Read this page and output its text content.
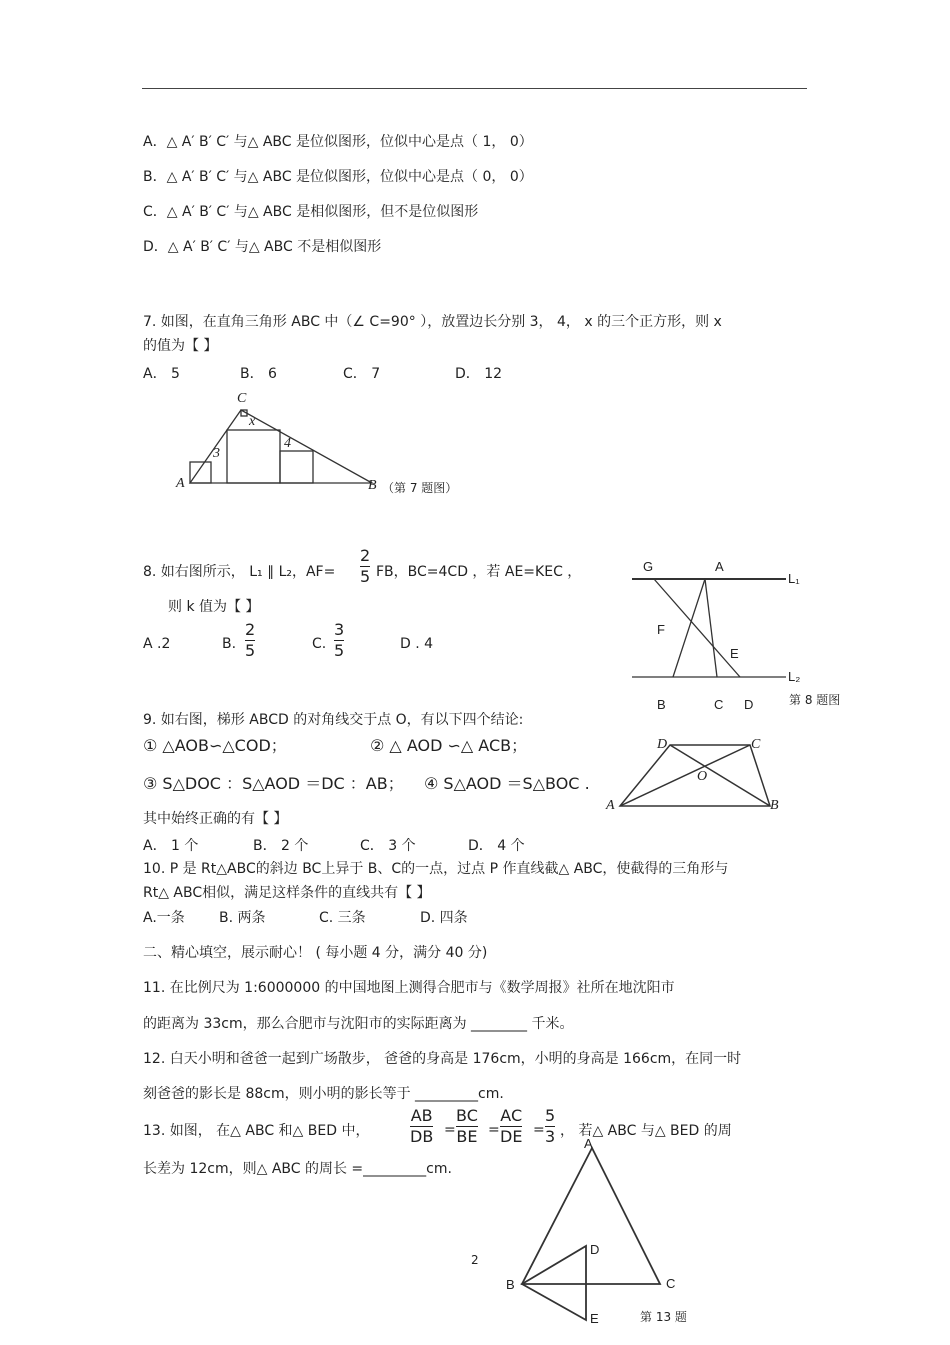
A．△ A′ B′ C′ 与△ ABC 是位似图形，位似中心是点（ 1， 0）
B．△ A′ B′ C′ 与△ ABC 是位似图形，位似中心是点（ 0， 0）
C．△ A′ B′ C′ 与△ ABC 是相似图形，但不是位似图形
D．△ A′ B′ C′ 与△ ABC 不是相似图形
7. 如图，在直角三角形 ABC 中（∠ C=90° ），放置边长分别 3， 4， x 的三个正方形，则 x
的值为【 】
A． 5	B． 6	C． 7	D． 12
C
x
4
3
A	B （第 7 题图）
8. 如右图所示， L₁ ∥ L₂，AF=
2
5 FB，BC=4CD ，若 AE=KEC ，
则 k 值为【 】
A .2	B.
2
5	C.
3
5	D . 4
G	A
L₁
F
E
L₂
B	C D	第 8 题图
9. 如右图，梯形 ABCD 的对角线交于点 O，有以下四个结论:
① △AOB∽△COD；	② △ AOD ∽△ ACB；
③ S△DOC ：S△AOD ＝DC ：AB； ④ S△AOD ＝S△BOC .
其中始终正确的有【 】
A． 1 个	B． 2 个	C． 3 个	D． 4 个
D	C
O
A	B
10. P 是 Rt△ABC的斜边 BC上异于 B、C的一点，过点 P 作直线截△ ABC，使截得的三角形与
Rt△ ABC相似，满足这样条件的直线共有【 】
A.一条 B. 两条	C. 三条	D. 四条
二、精心填空，展示耐心！ ( 每小题 4 分，满分 40 分)
11. 在比例尺为 1:6000000 的中国地图上测得合肥市与《数学周报》社所在地沈阳市
的距离为 33cm，那么合肥市与沈阳市的实际距离为 ________ 千米。
12. 白天小明和爸爸一起到广场散步， 爸爸的身高是 176cm，小明的身高是 166cm，在同一时
刻爸爸的影长是 88cm，则小明的影长等于 _________cm.
13. 如图， 在△ ABC 和△ BED 中，
AB
DB =
BC
BE =
AC
DE =
5
3 ， 若△ ABC 与△ BED 的周
长差为 12cm，则△ ABC 的周长 =_________cm.
A
D
B	C
E	第 13 题
2
